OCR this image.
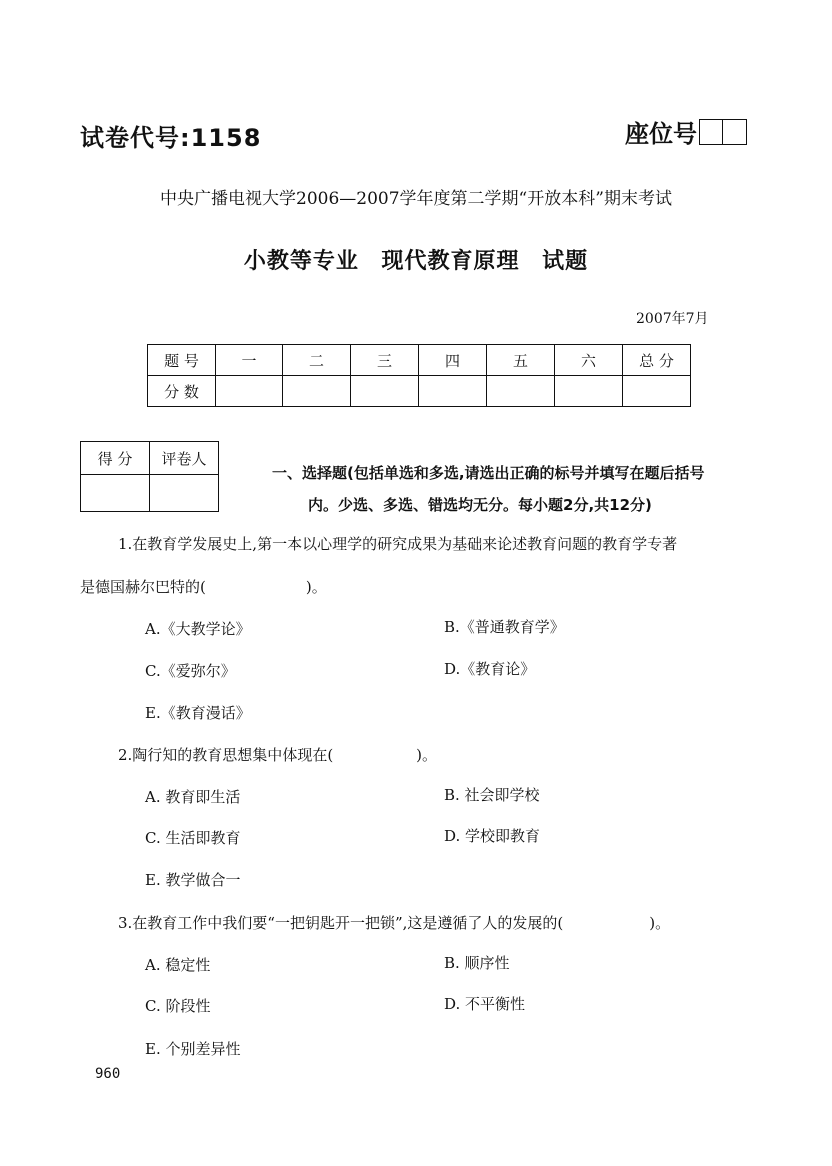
试卷代号:1158	座位号
中央广播电视大学2006—2007学年度第二学期“开放本科”期末考试
小教等专业 现代教育原理 试题
2007年7月
题 号	一	二	三	四	五	六	总 分
分 数							
得 分	评卷人

一、选择题(包括单选和多选,请选出正确的标号并填写在题后括号
内。少选、多选、错选均无分。每小题2分,共12分)
1.在教育学发展史上,第一本以心理学的研究成果为基础来论述教育问题的教育学专著
是德国赫尔巴特的(	)。
A.《大教学论》	B.《普通教育学》
C.《爱弥尔》	D.《教育论》
E.《教育漫话》
2.陶行知的教育思想集中体现在(	)。
A. 教育即生活	B. 社会即学校
C. 生活即教育	D. 学校即教育
E. 教学做合一
3.在教育工作中我们要“一把钥匙开一把锁”,这是遵循了人的发展的(	)。
A. 稳定性	B. 顺序性
C. 阶段性	D. 不平衡性
E. 个别差异性
960
